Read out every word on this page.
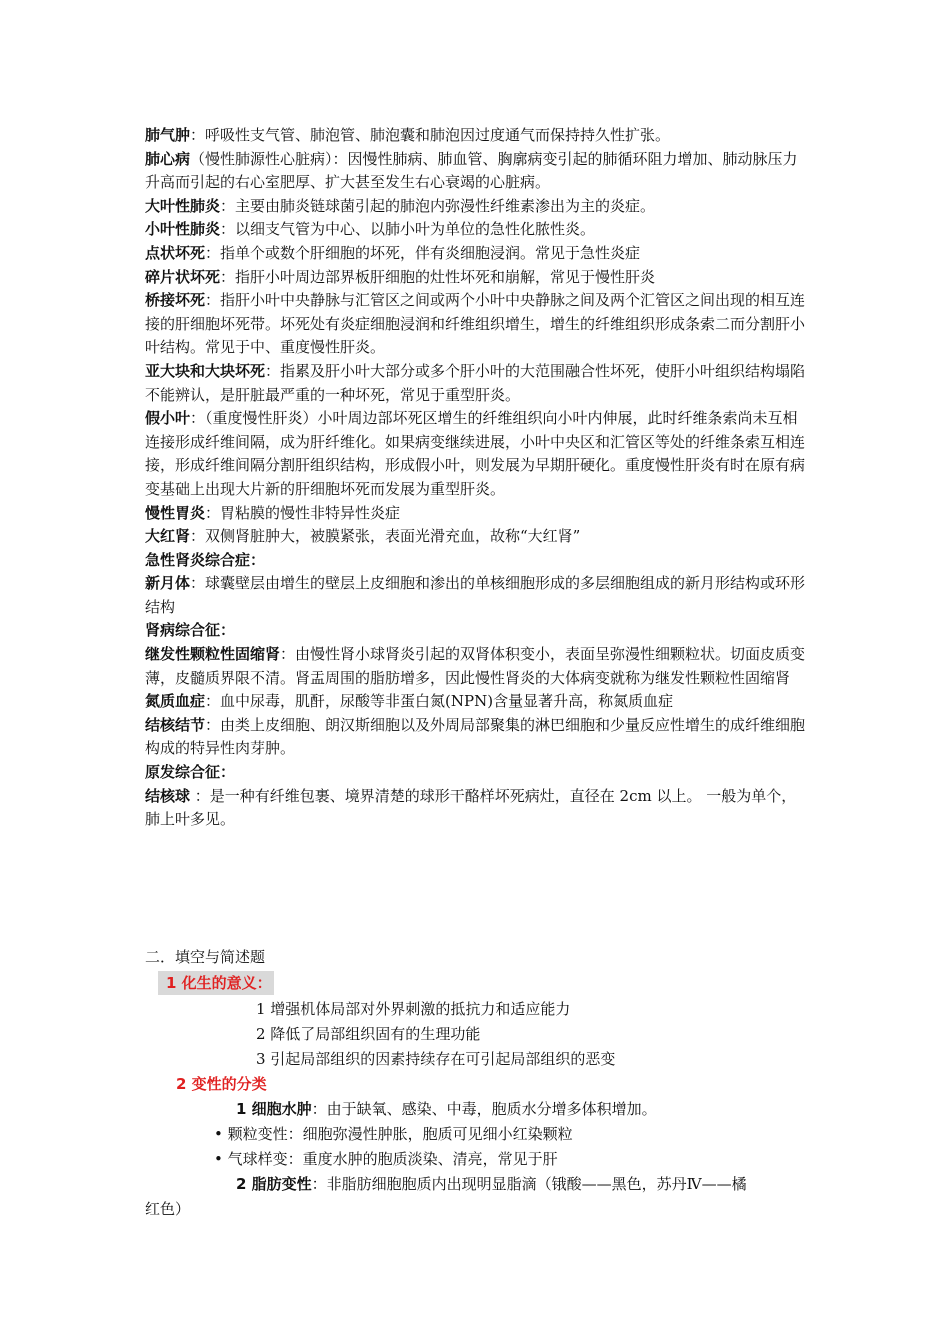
肺气肿：呼吸性支气管、肺泡管、肺泡囊和肺泡因过度通气而保持持久性扩张。

肺心病（慢性肺源性心脏病）：因慢性肺病、肺血管、胸廓病变引起的肺循环阻力增加、肺动脉压力升高而引起的右心室肥厚、扩大甚至发生右心衰竭的心脏病。

大叶性肺炎：主要由肺炎链球菌引起的肺泡内弥漫性纤维素渗出为主的炎症。

小叶性肺炎：以细支气管为中心、以肺小叶为单位的急性化脓性炎。

点状坏死：指单个或数个肝细胞的坏死，伴有炎细胞浸润。常见于急性炎症

碎片状坏死：指肝小叶周边部界板肝细胞的灶性坏死和崩解，常见于慢性肝炎

桥接坏死：指肝小叶中央静脉与汇管区之间或两个小叶中央静脉之间及两个汇管区之间出现的相互连接的肝细胞坏死带。坏死处有炎症细胞浸润和纤维组织增生，增生的纤维组织形成条索二而分割肝小叶结构。常见于中、重度慢性肝炎。

亚大块和大块坏死：指累及肝小叶大部分或多个肝小叶的大范围融合性坏死，使肝小叶组织结构塌陷不能辨认，是肝脏最严重的一种坏死，常见于重型肝炎。

假小叶：（重度慢性肝炎）小叶周边部坏死区增生的纤维组织向小叶内伸展，此时纤维条索尚未互相连接形成纤维间隔，成为肝纤维化。如果病变继续进展，小叶中央区和汇管区等处的纤维条索互相连接，形成纤维间隔分割肝组织结构，形成假小叶，则发展为早期肝硬化。重度慢性肝炎有时在原有病变基础上出现大片新的肝细胞坏死而发展为重型肝炎。

慢性胃炎：胃粘膜的慢性非特异性炎症

大红肾：双侧肾脏肿大，被膜紧张，表面光滑充血，故称“大红肾”

急性肾炎综合症：

新月体：球囊壁层由增生的壁层上皮细胞和渗出的单核细胞形成的多层细胞组成的新月形结构或环形结构

肾病综合征：

继发性颗粒性固缩肾：由慢性肾小球肾炎引起的双肾体积变小，表面呈弥漫性细颗粒状。切面皮质变薄，皮髓质界限不清。肾盂周围的脂肪增多，因此慢性肾炎的大体病变就称为继发性颗粒性固缩肾

氮质血症：血中尿毒，肌酐，尿酸等非蛋白氮(NPN)含量显著升高，称氮质血症

结核结节：由类上皮细胞、朗汉斯细胞以及外周局部聚集的淋巴细胞和少量反应性增生的成纤维细胞构成的特异性肉芽肿。

原发综合征：

结核球 ：是一种有纤维包裹、境界清楚的球形干酪样坏死病灶，直径在 2cm 以上。 一般为单个，肺上叶多见。

二．填空与简述题

1 化生的意义：

1 增强机体局部对外界刺激的抵抗力和适应能力

2 降低了局部组织固有的生理功能

3 引起局部组织的因素持续存在可引起局部组织的恶变

2 变性的分类

1 细胞水肿：由于缺氧、感染、中毒，胞质水分增多体积增加。

• 颗粒变性：细胞弥漫性肿胀，胞质可见细小红染颗粒

• 气球样变：重度水肿的胞质淡染、清亮，常见于肝

2 脂肪变性：非脂肪细胞胞质内出现明显脂滴（锇酸——黑色，苏丹Ⅳ——橘

红色）
